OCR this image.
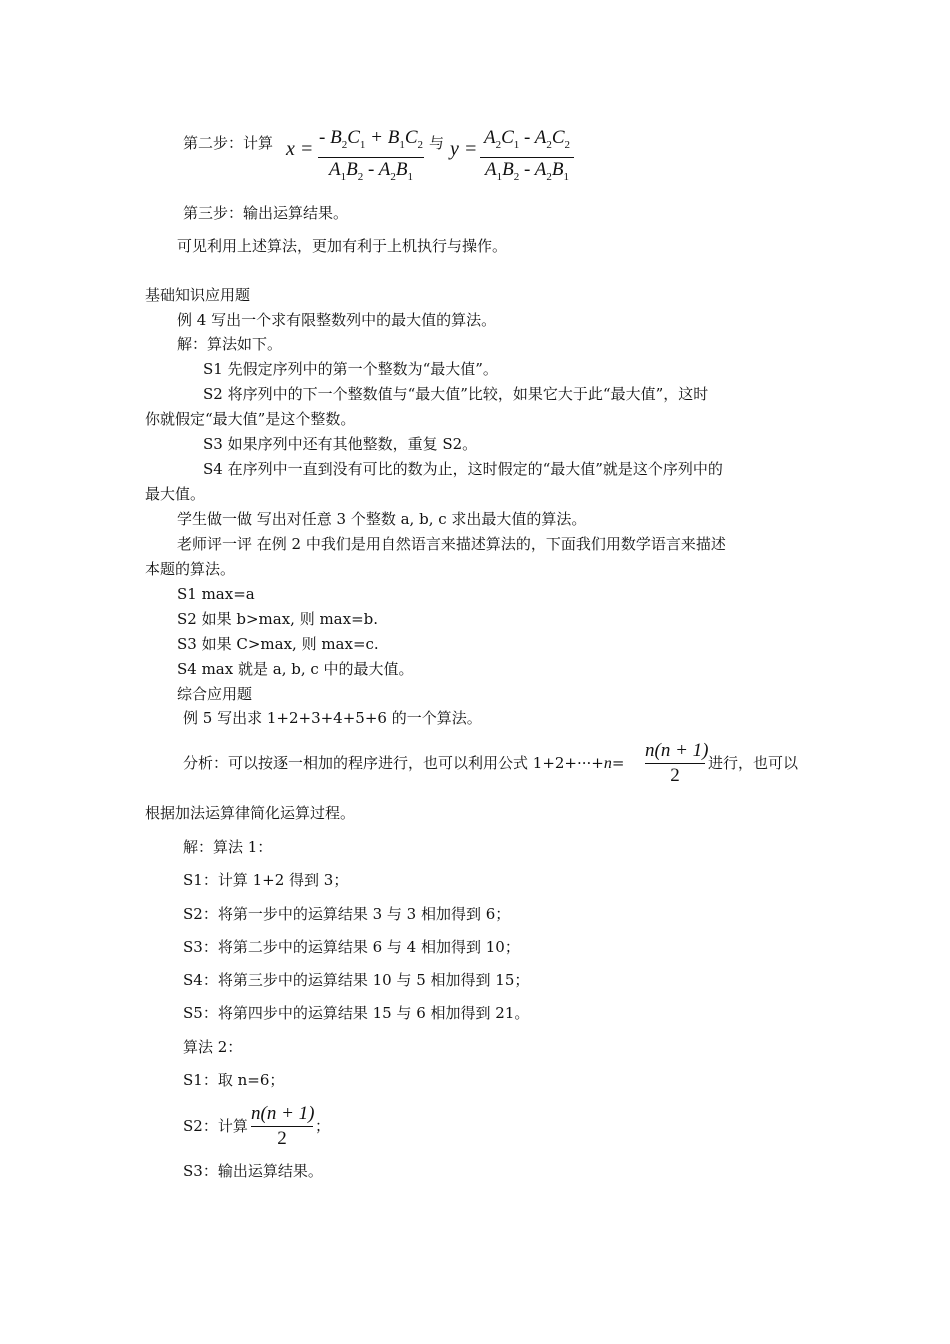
第二步：计算 x =
- $B_2C_1 + B_1C_2$
$A_1B_2 - A_2B_1$
与 y =
$A_2C_1 - A_2C_2$
$A_1B_2 - A_2B_1$
第三步：输出运算结果。
可见利用上述算法，更加有利于上机执行与操作。
基础知识应用题
例 4 写出一个求有限整数列中的最大值的算法。
解：算法如下。
S1 先假定序列中的第一个整数为“最大值”。
S2 将序列中的下一个整数值与“最大值”比较，如果它大于此“最大值”，这时
你就假定“最大值”是这个整数。
S3 如果序列中还有其他整数，重复 S2。
S4 在序列中一直到没有可比的数为止，这时假定的“最大值”就是这个序列中的
最大值。
学生做一做 写出对任意 3 个整数 a, b, c 求出最大值的算法。
老师评一评 在例 2 中我们是用自然语言来描述算法的，下面我们用数学语言来描述
本题的算法。
S1 max=a
S2 如果 b>max, 则 max=b.
S3 如果 C>max, 则 max=c.
S4 max 就是 a, b, c 中的最大值。
综合应用题
例 5 写出求 1+2+3+4+5+6 的一个算法。
分析：可以按逐一相加的程序进行，也可以利用公式 1+2+···+n=
n(n + 1)
2
进行，也可以
根据加法运算律简化运算过程。
解：算法 1：
S1：计算 1+2 得到 3；
S2：将第一步中的运算结果 3 与 3 相加得到 6；
S3：将第二步中的运算结果 6 与 4 相加得到 10；
S4：将第三步中的运算结果 10 与 5 相加得到 15；
S5：将第四步中的运算结果 15 与 6 相加得到 21。
算法 2：
S1：取 n=6；
S2：计算
n(n + 1)
2
；
S3：输出运算结果。
